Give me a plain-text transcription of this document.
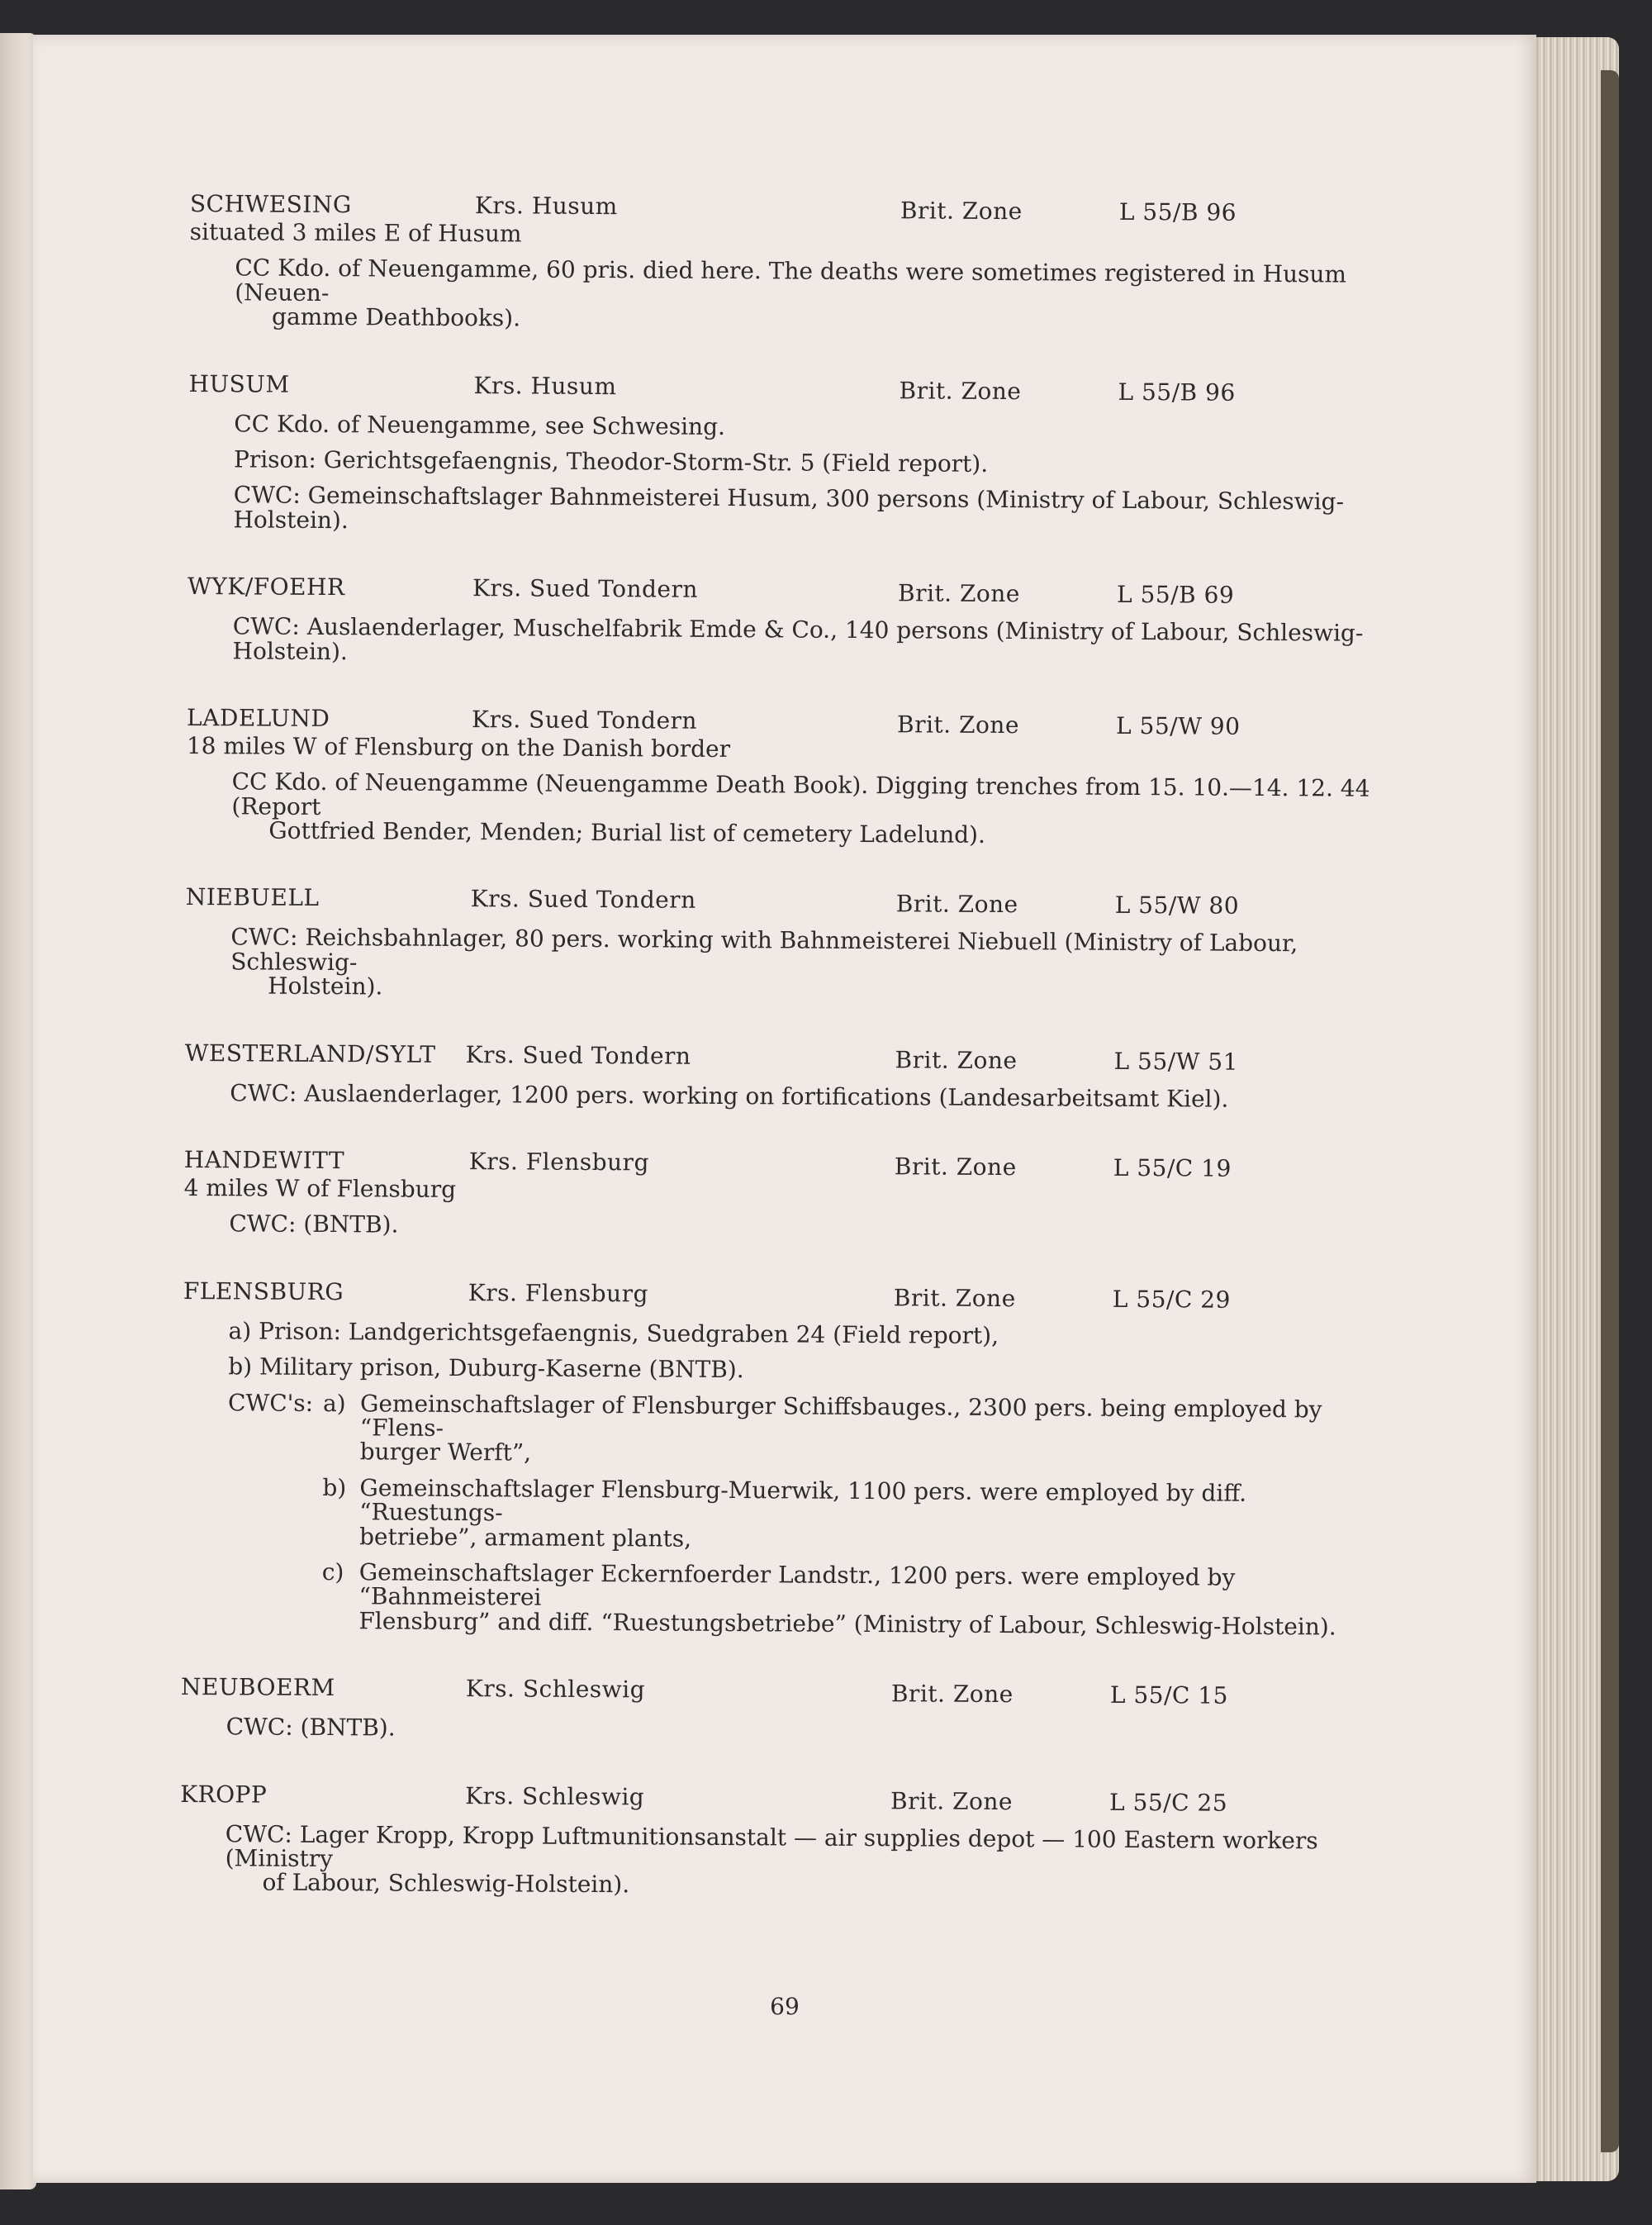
SCHWESING	Krs. Husum	Brit. Zone	L 55/B 96
situated 3 miles E of Husum
CC Kdo. of Neuengamme, 60 pris. died here. The deaths were sometimes registered in Husum (Neuen-
gamme Deathbooks).
HUSUM	Krs. Husum	Brit. Zone	L 55/B 96
CC Kdo. of Neuengamme, see Schwesing.
Prison: Gerichtsgefaengnis, Theodor-Storm-Str. 5 (Field report).
CWC: Gemeinschaftslager Bahnmeisterei Husum, 300 persons (Ministry of Labour, Schleswig-Holstein).
WYK/FOEHR	Krs. Sued Tondern	Brit. Zone	L 55/B 69
CWC: Auslaenderlager, Muschelfabrik Emde & Co., 140 persons (Ministry of Labour, Schleswig-Holstein).
LADELUND	Krs. Sued Tondern	Brit. Zone	L 55/W 90
18 miles W of Flensburg on the Danish border
CC Kdo. of Neuengamme (Neuengamme Death Book). Digging trenches from 15. 10.—14. 12. 44 (Report
Gottfried Bender, Menden; Burial list of cemetery Ladelund).
NIEBUELL	Krs. Sued Tondern	Brit. Zone	L 55/W 80
CWC: Reichsbahnlager, 80 pers. working with Bahnmeisterei Niebuell (Ministry of Labour, Schleswig-
Holstein).
WESTERLAND/SYLT Krs. Sued Tondern	Brit. Zone	L 55/W 51
CWC: Auslaenderlager, 1200 pers. working on fortifications (Landesarbeitsamt Kiel).
HANDEWITT	Krs. Flensburg	Brit. Zone	L 55/C 19
4 miles W of Flensburg
CWC: (BNTB).
FLENSBURG	Krs. Flensburg	Brit. Zone	L 55/C 29
a) Prison: Landgerichtsgefaengnis, Suedgraben 24 (Field report),
b) Military prison, Duburg-Kaserne (BNTB).
CWC's: a) Gemeinschaftslager of Flensburger Schiffsbauges., 2300 pers. being employed by “Flens-
burger Werft”,
b) Gemeinschaftslager Flensburg-Muerwik, 1100 pers. were employed by diff. “Ruestungs-
betriebe”, armament plants,
c) Gemeinschaftslager Eckernfoerder Landstr., 1200 pers. were employed by “Bahnmeisterei
Flensburg” and diff. “Ruestungsbetriebe” (Ministry of Labour, Schleswig-Holstein).
NEUBOERM	Krs. Schleswig	Brit. Zone	L 55/C 15
CWC: (BNTB).
KROPP	Krs. Schleswig	Brit. Zone	L 55/C 25
CWC: Lager Kropp, Kropp Luftmunitionsanstalt — air supplies depot — 100 Eastern workers (Ministry
of Labour, Schleswig-Holstein).
69
